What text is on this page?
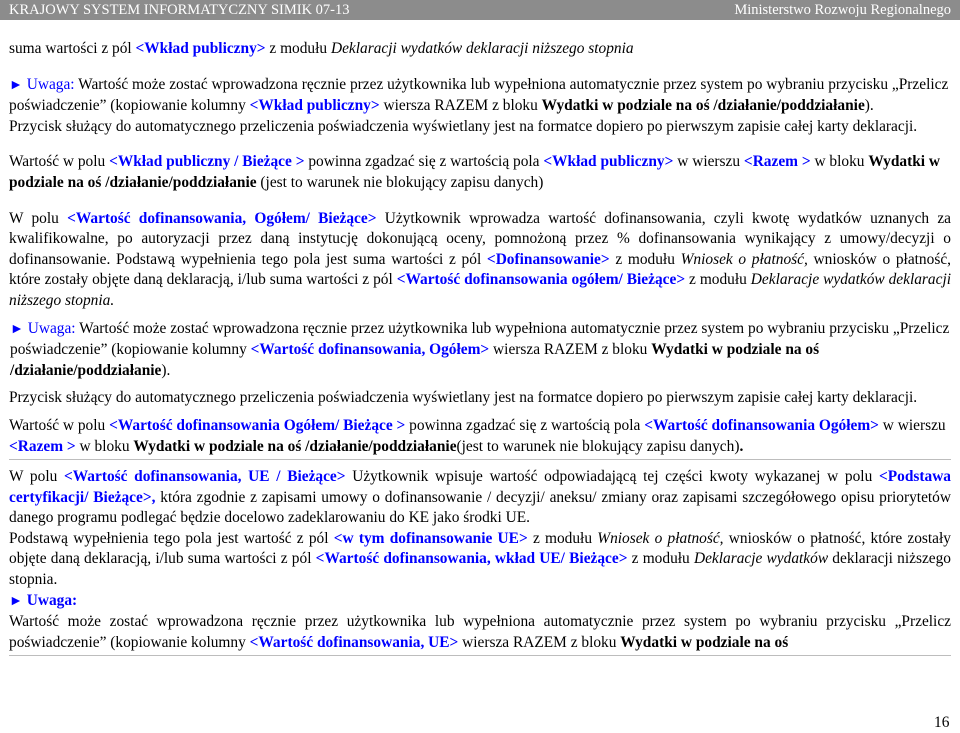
KRAJOWY SYSTEM INFORMATYCZNY SIMIK 07-13	Ministerstwo Rozwoju Regionalnego

suma wartości z pól <Wkład publiczny> z modułu Deklaracji wydatków deklaracji niższego stopnia

► Uwaga: Wartość może zostać wprowadzona ręcznie przez użytkownika lub wypełniona automatycznie przez system po wybraniu przycisku „Przelicz poświadczenie” (kopiowanie kolumny <Wkład publiczny> wiersza RAZEM z bloku Wydatki w podziale na oś /działanie/poddziałanie).

Przycisk służący do automatycznego przeliczenia poświadczenia wyświetlany jest na formatce dopiero po pierwszym zapisie całej karty deklaracji.

Wartość w polu <Wkład publiczny / Bieżące > powinna zgadzać się z wartością pola <Wkład publiczny> w wierszu <Razem > w bloku Wydatki w podziale na oś /działanie/poddziałanie (jest to warunek nie blokujący zapisu danych)

W polu <Wartość dofinansowania, Ogółem/ Bieżące> Użytkownik wprowadza wartość dofinansowania, czyli kwotę wydatków uznanych za kwalifikowalne, po autoryzacji przez daną instytucję dokonującą oceny, pomnożoną przez % dofinansowania wynikający z umowy/decyzji o dofinansowanie. Podstawą wypełnienia tego pola jest suma wartości z pól <Dofinansowanie> z modułu Wniosek o płatność, wniosków o płatność, które zostały objęte daną deklaracją, i/lub suma wartości z pól <Wartość dofinansowania ogółem/ Bieżące> z modułu Deklaracje wydatków deklaracji niższego stopnia.

► Uwaga: Wartość może zostać wprowadzona ręcznie przez użytkownika lub wypełniona automatycznie przez system po wybraniu przycisku „Przelicz poświadczenie” (kopiowanie kolumny <Wartość dofinansowania, Ogółem> wiersza RAZEM z bloku Wydatki w podziale na oś /działanie/poddziałanie).

Przycisk służący do automatycznego przeliczenia poświadczenia wyświetlany jest na formatce dopiero po pierwszym zapisie całej karty deklaracji.

Wartość w polu <Wartość dofinansowania Ogółem/ Bieżące > powinna zgadzać się z wartością pola <Wartość dofinansowania Ogółem> w wierszu <Razem > w bloku Wydatki w podziale na oś /działanie/poddziałanie(jest to warunek nie blokujący zapisu danych).

W polu <Wartość dofinansowania, UE / Bieżące> Użytkownik wpisuje wartość odpowiadającą tej części kwoty wykazanej w polu <Podstawa certyfikacji/ Bieżące>, która zgodnie z zapisami umowy o dofinansowanie / decyzji/ aneksu/ zmiany oraz zapisami szczegółowego opisu priorytetów danego programu podlegać będzie docelowo zadeklarowaniu do KE jako środki UE.

Podstawą wypełnienia tego pola jest wartość z pól <w tym dofinansowanie UE> z modułu Wniosek o płatność, wniosków o płatność, które zostały objęte daną deklaracją, i/lub suma wartości z pól <Wartość dofinansowania, wkład UE/ Bieżące> z modułu Deklaracje wydatków deklaracji niższego stopnia.

► Uwaga:

Wartość może zostać wprowadzona ręcznie przez użytkownika lub wypełniona automatycznie przez system po wybraniu przycisku „Przelicz poświadczenie” (kopiowanie kolumny <Wartość dofinansowania, UE> wiersza RAZEM z bloku Wydatki w podziale na oś

16
